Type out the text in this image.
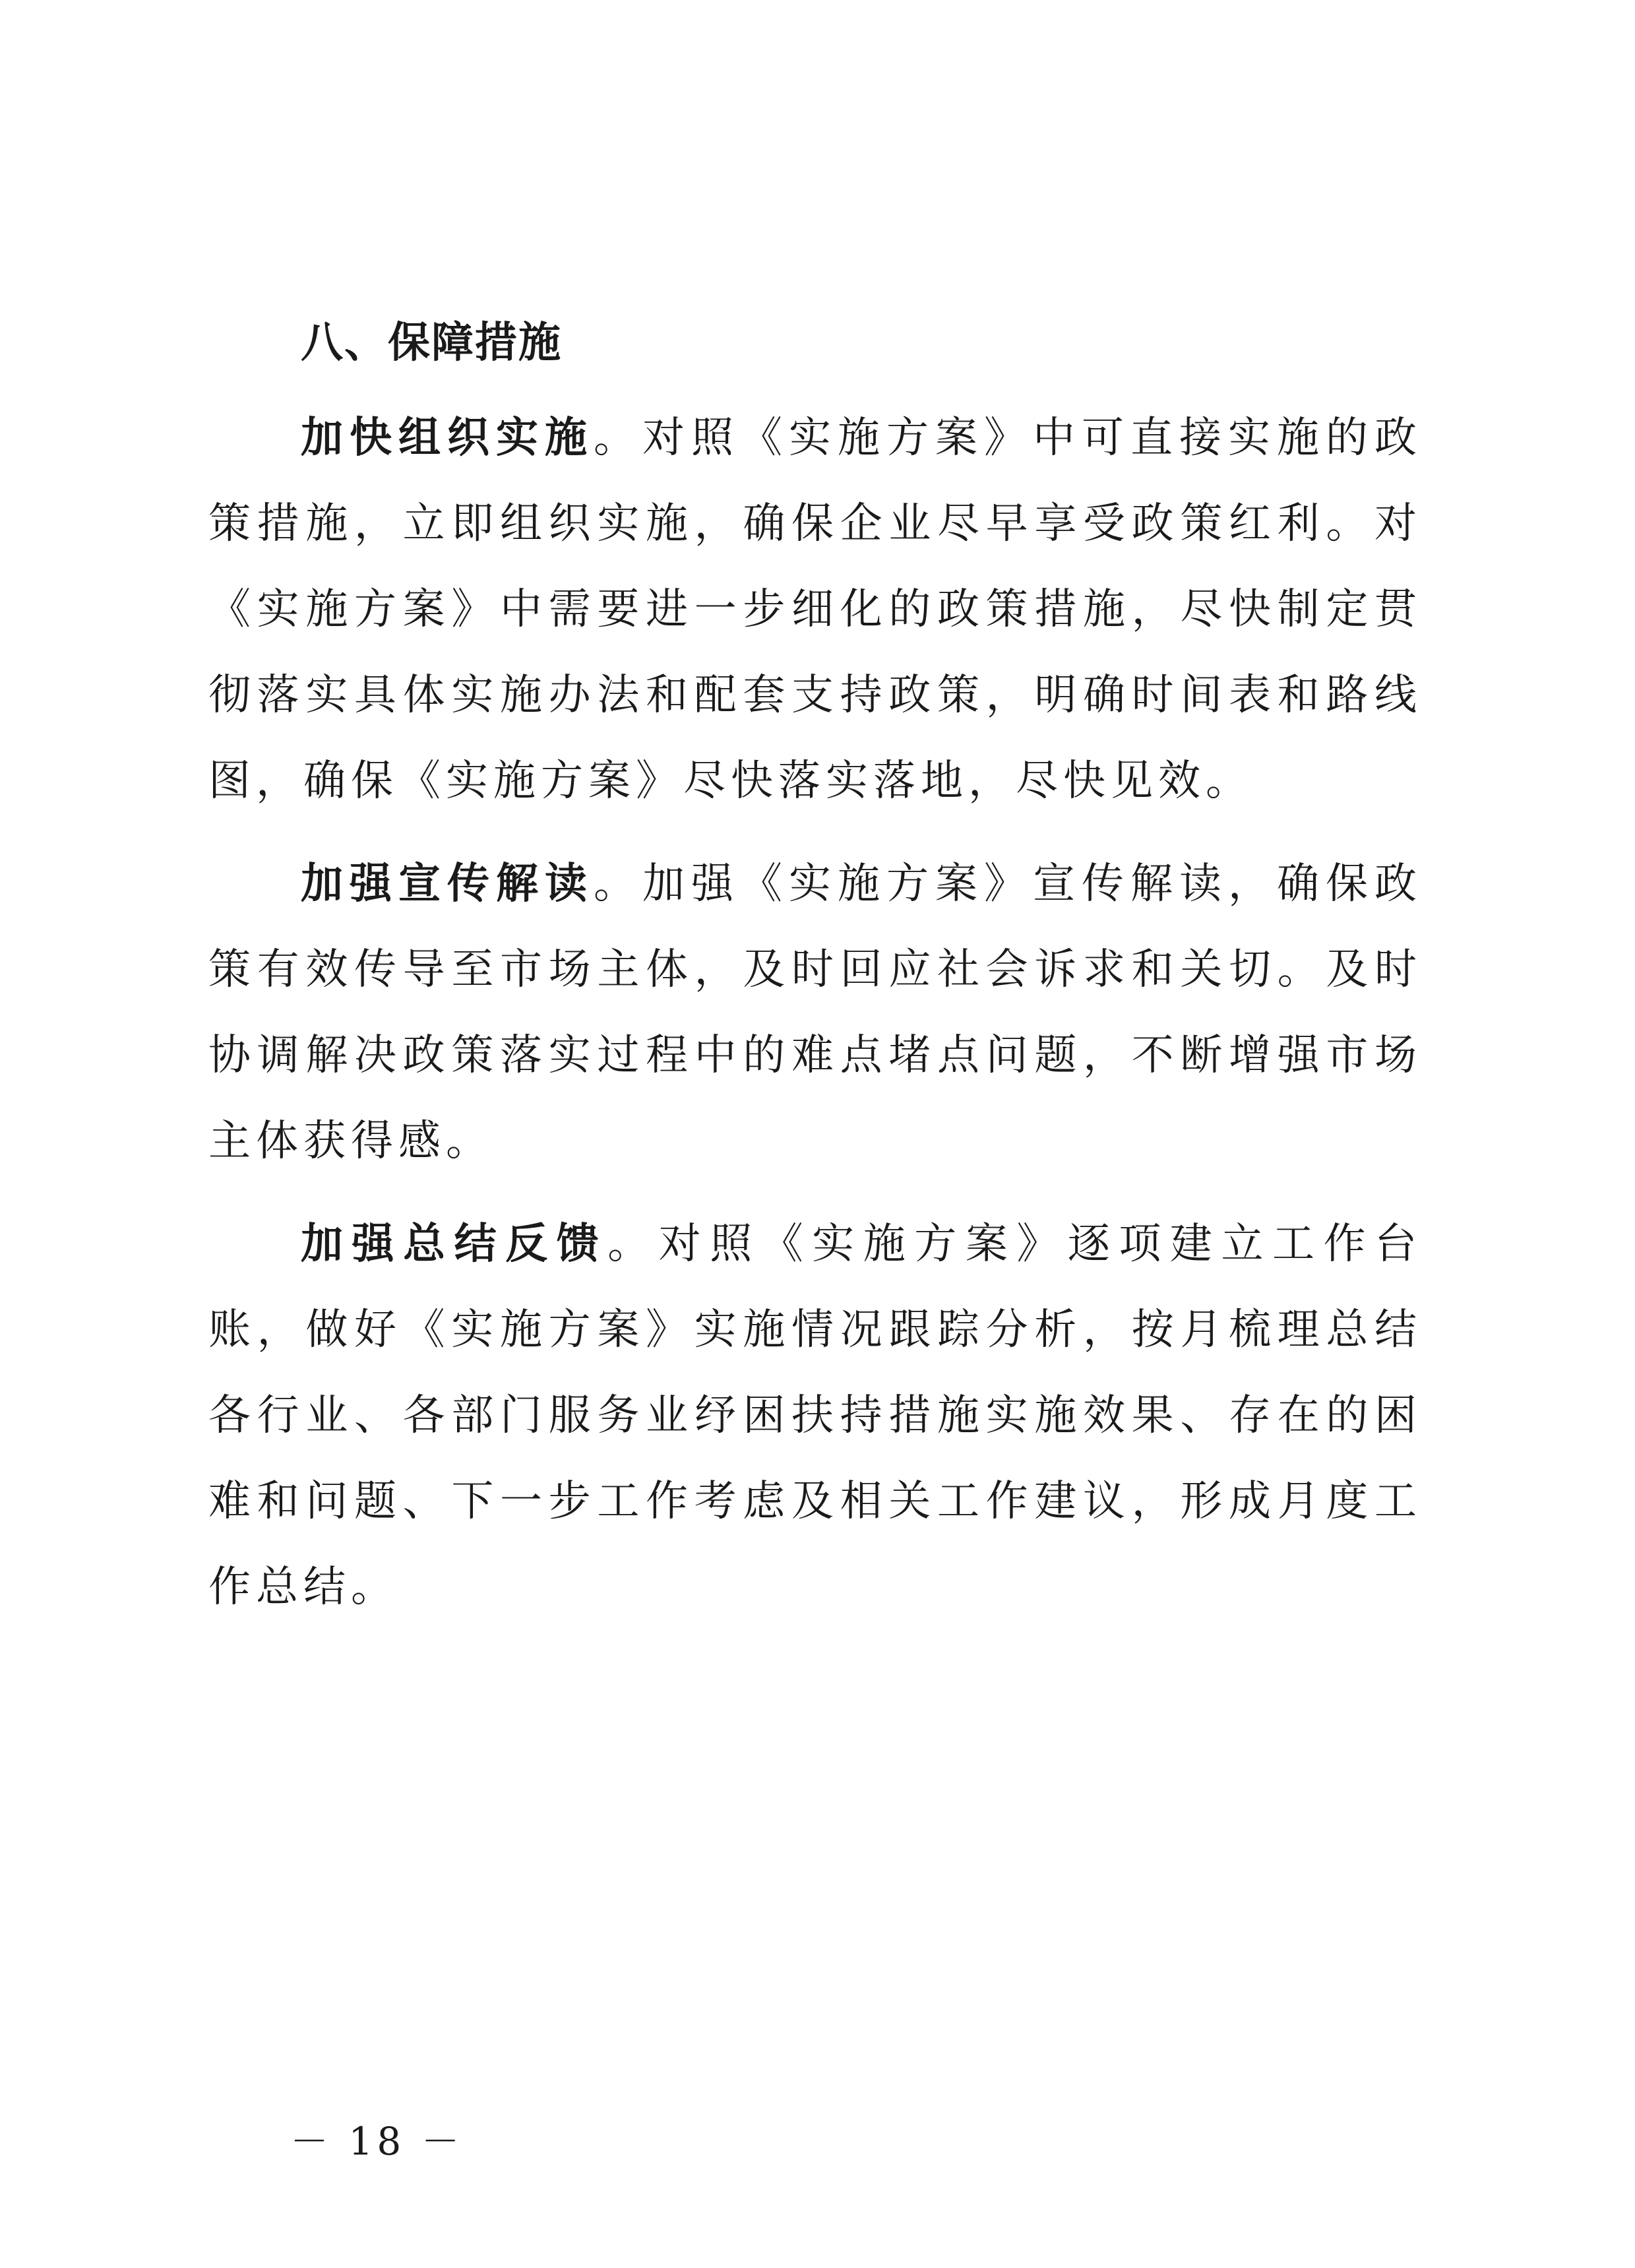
八、保障措施

加快组织实施。对照《实施方案》中可直接实施的政策措施，立即组织实施，确保企业尽早享受政策红利。对《实施方案》中需要进一步细化的政策措施，尽快制定贯彻落实具体实施办法和配套支持政策，明确时间表和路线图，确保《实施方案》尽快落实落地，尽快见效。

加强宣传解读。加强《实施方案》宣传解读，确保政策有效传导至市场主体，及时回应社会诉求和关切。及时协调解决政策落实过程中的难点堵点问题，不断增强市场主体获得感。

加强总结反馈。对照《实施方案》逐项建立工作台账，做好《实施方案》实施情况跟踪分析，按月梳理总结各行业、各部门服务业纾困扶持措施实施效果、存在的困难和问题、下一步工作考虑及相关工作建议，形成月度工作总结。

－ 18 －
